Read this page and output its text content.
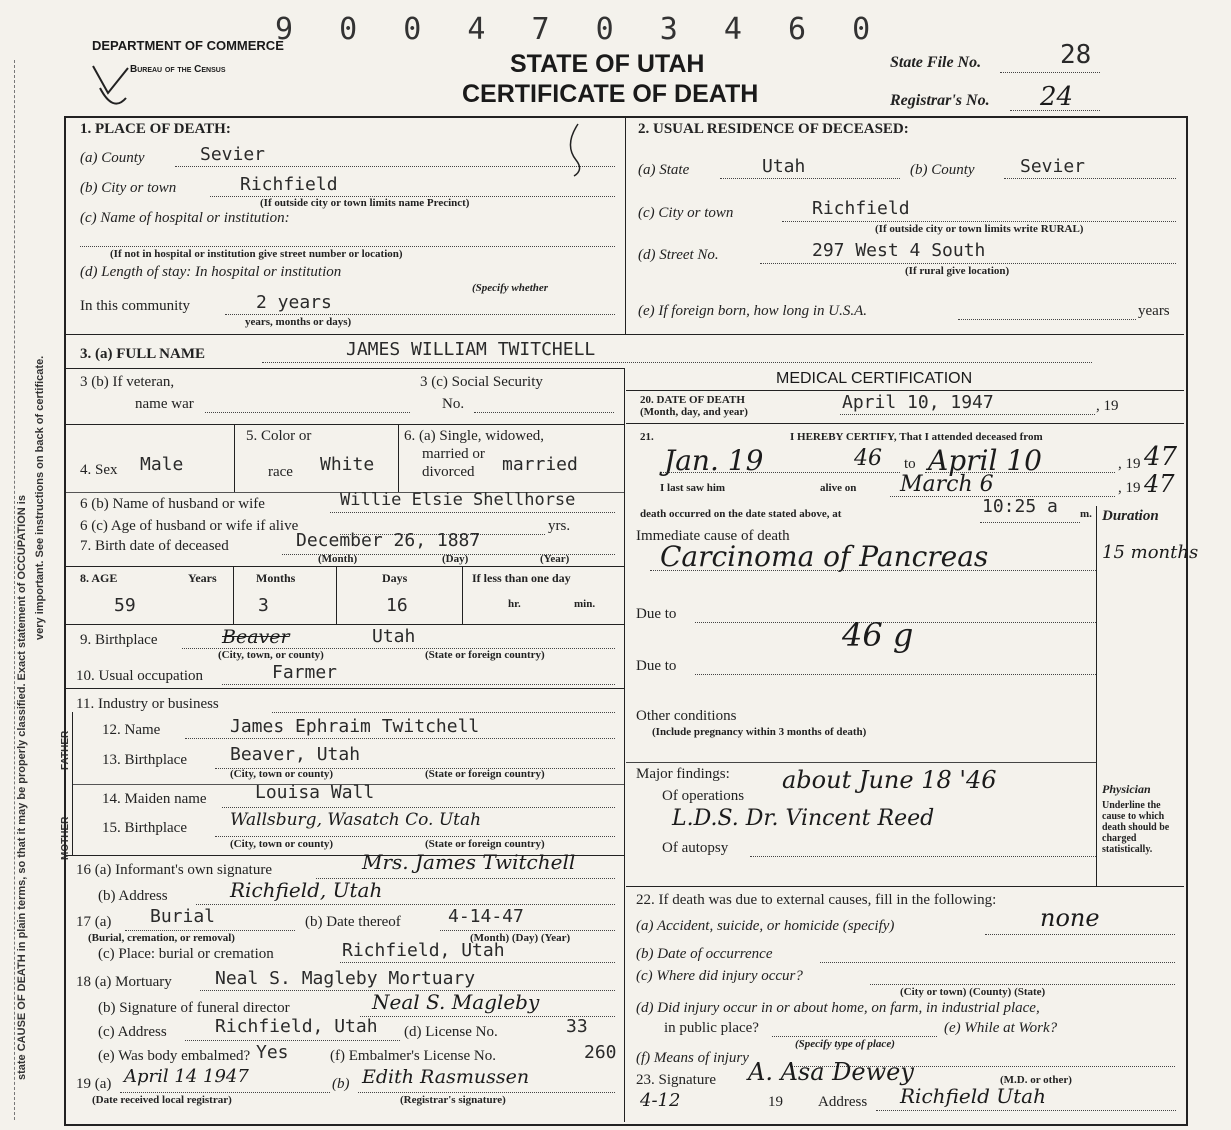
state CAUSE OF DEATH in plain terms, so that it may be properly classified. Exact statement of OCCUPATION is very important. See instructions on back of certificate.
FATHER
MOTHER
9 0 0 4 7 0 3 4 6 0
DEPARTMENT OF COMMERCE
Bureau of the Census	STATE OF UTAH
CERTIFICATE OF DEATH
State File No.	28
Registrar's No. 24
1. PLACE OF DEATH:
(a) County	Sevier
(b) City or town	Richfield
(If outside city or town limits name Precinct)
(c) Name of hospital or institution:
(If not in hospital or institution give street number or location)
(d) Length of stay: In hospital or institution
(Specify whether
In this community	2 years
years, months or days)
2. USUAL RESIDENCE OF DECEASED:
(a) State	Utah	(b) County	Sevier
(c) City or town	Richfield
(If outside city or town limits write RURAL)
(d) Street No.	297 West 4 South
(If rural give location)
(e) If foreign born, how long in U.S.A.	years
3. (a) FULL NAME	JAMES WILLIAM TWITCHELL
3 (b) If veteran,
name war
3 (c) Social Security
No.
4. Sex Male
5. Color or
race White
6. (a) Single, widowed,
married or
divorced married
6 (b) Name of husband or wife	Willie Elsie Shellhorse
6 (c) Age of husband or wife if alive	yrs.
7. Birth date of deceased	December 26, 1887
(Month)	(Day)	(Year)
8. AGE	Years	Months	Days	If less than one day
59	3	16	hr.	min.
9. Birthplace	Beaver	Utah
(City, town, or county)	(State or foreign country)
10. Usual occupation	Farmer
11. Industry or business
12. Name	James Ephraim Twitchell
13. Birthplace Beaver, Utah
(City, town or county)	(State or foreign country)
14. Maiden name	Louisa Wall
15. Birthplace	Wallsburg, Wasatch Co. Utah
(City, town or county)	(State or foreign country)
16 (a) Informant's own signature	Mrs. James Twitchell
(b) Address	Richfield, Utah
17 (a) Burial
(Burial, cremation, or removal)
(b) Date thereof	4-14-47
(Month) (Day) (Year)
(c) Place: burial or cremation	Richfield, Utah
18 (a) Mortuary Neal S. Magleby Mortuary
(b) Signature of funeral director	Neal S. Magleby
(c) Address	Richfield, Utah (d) License No.	33
(e) Was body embalmed? Yes	(f) Embalmer's License No.	260
19 (a) April 14 1947
(Date received local registrar)
(b) Edith Rasmussen
(Registrar's signature)
MEDICAL CERTIFICATION
20. DATE OF DEATH
(Month, day, and year)	April 10, 1947	, 19
21.	I HEREBY CERTIFY, That I attended deceased from
Jan. 19	46 to April 10	, 19 47
I last saw him	alive on March 6	, 19 47
death occurred on the date stated above, at	10:25 a m. Duration
Immediate cause of death
Carcinoma of Pancreas	15 months
Due to
46 g
Due to
Other conditions
(Include pregnancy within 3 months of death)
Major findings:
Of operations
about June 18 '46
L.D.S. Dr. Vincent Reed
Of autopsy
Physician
Underline the cause to which death should be charged statistically.
22. If death was due to external causes, fill in the following:
(a) Accident, suicide, or homicide (specify)	none
(b) Date of occurrence
(c) Where did injury occur?
(City or town) (County) (State)
(d) Did injury occur in or about home, on farm, in industrial place,
in public place?	(e) While at Work?
(Specify type of place)
(f) Means of injury
23. Signature A. Asa Dewey	(M.D. or other)
4-12	19 Address Richfield Utah
